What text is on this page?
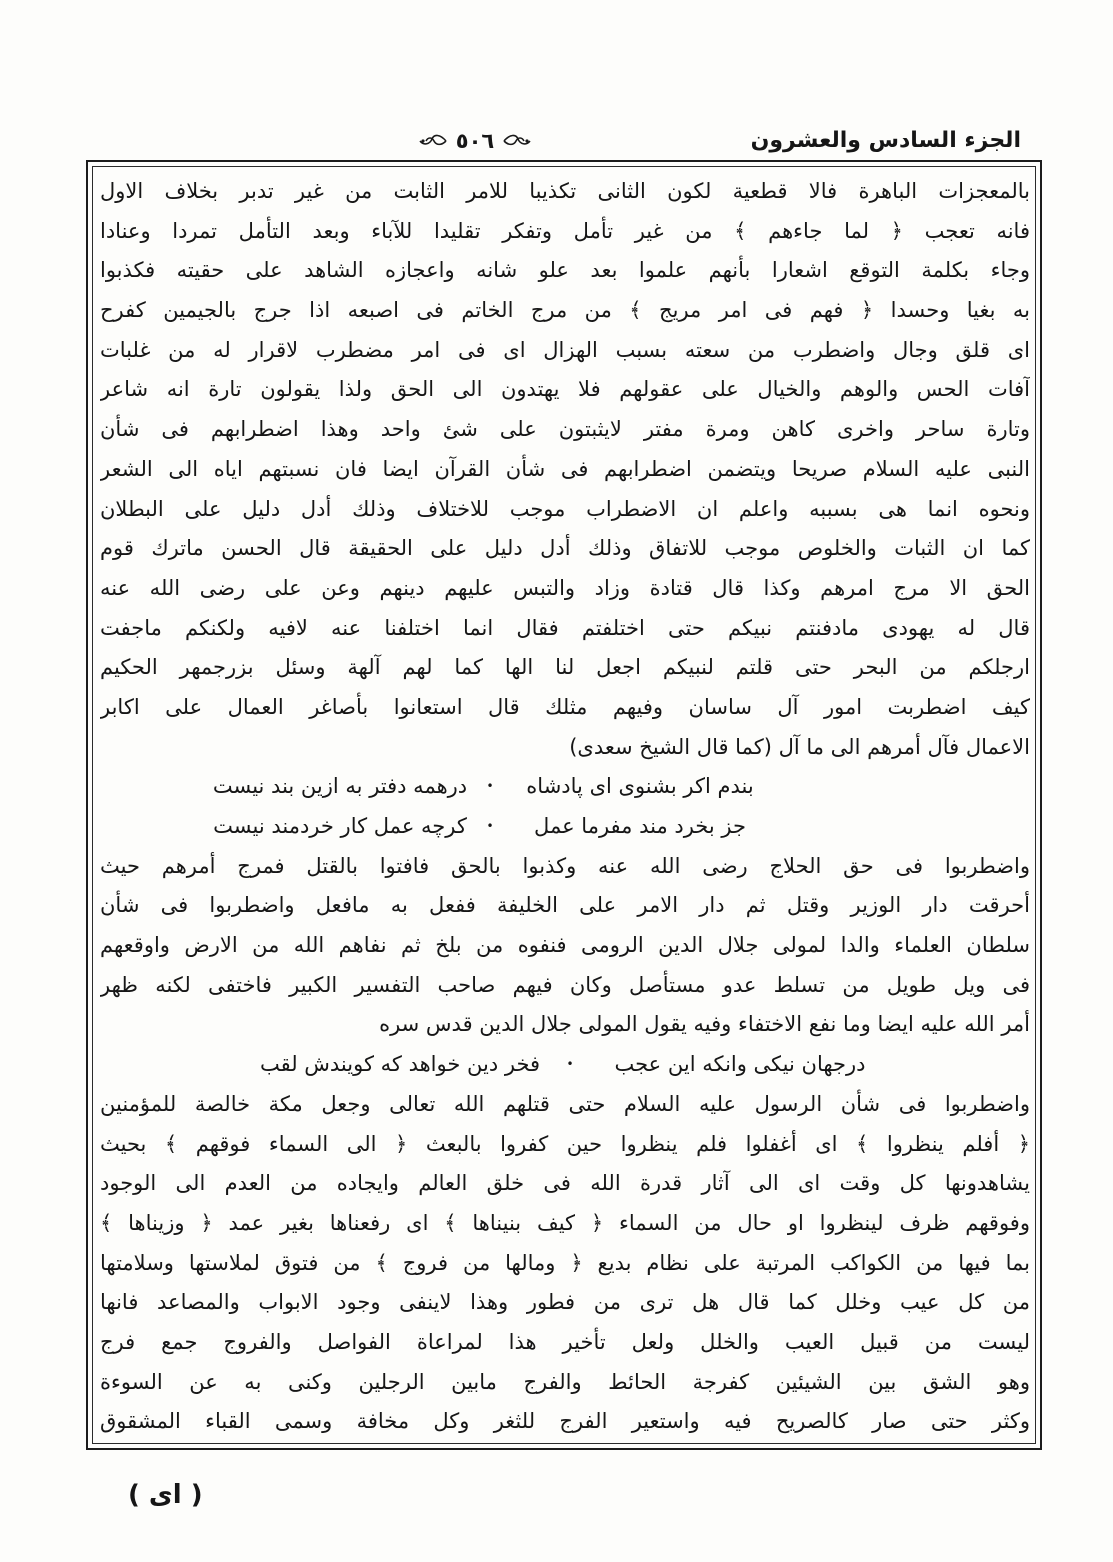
الجزء السادس والعشرون
٥٠٦
بالمعجزات الباهرة فالا قطعية لكون الثانى تكذيبا للامر الثابت من غير تدبر بخلاف الاول
فانه تعجب ﴿ لما جاءهم ﴾ من غير تأمل وتفكر تقليدا للآباء وبعد التأمل تمردا وعنادا
وجاء بكلمة التوقع اشعارا بأنهم علموا بعد علو شانه واعجازه الشاهد على حقيته فكذبوا
به بغيا وحسدا ﴿ فهم فى امر مريج ﴾ من مرج الخاتم فى اصبعه اذا جرج بالجيمين كفرح
اى قلق وجال واضطرب من سعته بسبب الهزال اى فى امر مضطرب لاقرار له من غلبات
آفات الحس والوهم والخيال على عقولهم فلا يهتدون الى الحق ولذا يقولون تارة انه شاعر
وتارة ساحر واخرى كاهن ومرة مفتر لايثبتون على شئ واحد وهذا اضطرابهم فى شأن
النبى عليه السلام صريحا ويتضمن اضطرابهم فى شأن القرآن ايضا فان نسبتهم اياه الى الشعر
ونحوه انما هى بسببه واعلم ان الاضطراب موجب للاختلاف وذلك أدل دليل على البطلان
كما ان الثبات والخلوص موجب للاتفاق وذلك أدل دليل على الحقيقة قال الحسن ماترك قوم
الحق الا مرج امرهم وكذا قال قتادة وزاد والتبس عليهم دينهم وعن على رضى الله عنه
قال له يهودى مادفنتم نبيكم حتى اختلفتم فقال انما اختلفنا عنه لافيه ولكنكم ماجفت
ارجلكم من البحر حتى قلتم لنبيكم اجعل لنا الها كما لهم آلهة وسئل بزرجمهر الحكيم
كيف اضطربت امور آل ساسان وفيهم مثلك قال استعانوا بأصاغر العمال على اكابر
الاعمال فآل أمرهم الى ما آل (كما قال الشيخ سعدى)
بندم اكر بشنوى اى پادشاه
•
درهمه دفتر به ازين بند نيست
جز بخرد مند مفرما عمل
•
كرچه عمل كار خردمند نيست
واضطربوا فى حق الحلاج رضى الله عنه وكذبوا بالحق فافتوا بالقتل فمرج أمرهم حيث
أحرقت دار الوزير وقتل ثم دار الامر على الخليفة ففعل به مافعل واضطربوا فى شأن
سلطان العلماء والدا لمولى جلال الدين الرومى فنفوه من بلخ ثم نفاهم الله من الارض واوقعهم
فى ويل طويل من تسلط عدو مستأصل وكان فيهم صاحب التفسير الكبير فاختفى لكنه ظهر
أمر الله عليه ايضا وما نفع الاختفاء وفيه يقول المولى جلال الدين قدس سره
درجهان نيكى وانكه اين عجب
•
فخر دين خواهد كه كويندش لقب
واضطربوا فى شأن الرسول عليه السلام حتى قتلهم الله تعالى وجعل مكة خالصة للمؤمنين
﴿ أفلم ينظروا ﴾ اى أغفلوا فلم ينظروا حين كفروا بالبعث ﴿ الى السماء فوقهم ﴾ بحيث
يشاهدونها كل وقت اى الى آثار قدرة الله فى خلق العالم وايجاده من العدم الى الوجود
وفوقهم ظرف لينظروا او حال من السماء ﴿ كيف بنيناها ﴾ اى رفعناها بغير عمد ﴿ وزيناها ﴾
بما فيها من الكواكب المرتبة على نظام بديع ﴿ ومالها من فروج ﴾ من فتوق لملاستها وسلامتها
من كل عيب وخلل كما قال هل ترى من فطور وهذا لاينفى وجود الابواب والمصاعد فانها
ليست من قبيل العيب والخلل ولعل تأخير هذا لمراعاة الفواصل والفروج جمع فرج
وهو الشق بين الشيئين كفرجة الحائط والفرج مابين الرجلين وكنى به عن السوءة
وكثر حتى صار كالصريح فيه واستعير الفرج للثغر وكل مخافة وسمى القباء المشقوق
( اى )
